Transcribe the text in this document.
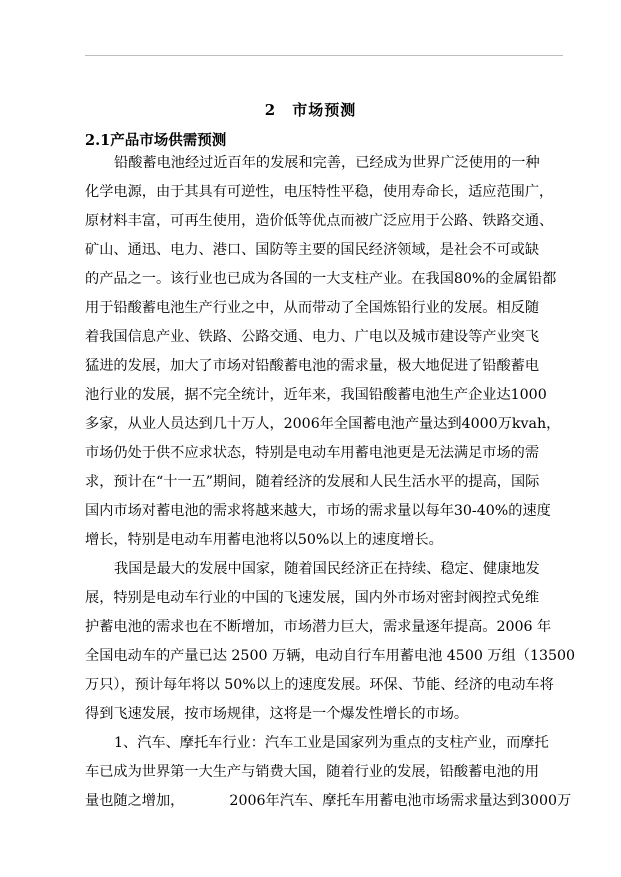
2　市场预测
2.1产品市场供需预测
铅酸蓄电池经过近百年的发展和完善，已经成为世界广泛使用的一种
化学电源，由于其具有可逆性，电压特性平稳，使用寿命长，适应范围广，
原材料丰富，可再生使用，造价低等优点而被广泛应用于公路、铁路交通、
矿山、通迅、电力、港口、国防等主要的国民经济领域，是社会不可或缺
的产品之一。该行业也已成为各国的一大支柱产业。在我国80%的金属铅都
用于铅酸蓄电池生产行业之中，从而带动了全国炼铅行业的发展。相反随
着我国信息产业、铁路、公路交通、电力、广电以及城市建设等产业突飞
猛进的发展，加大了市场对铅酸蓄电池的需求量，极大地促进了铅酸蓄电
池行业的发展，据不完全统计，近年来，我国铅酸蓄电池生产企业达1000
多家，从业人员达到几十万人，2006年全国蓄电池产量达到4000万kvah，
市场仍处于供不应求状态，特别是电动车用蓄电池更是无法满足市场的需
求，预计在“十一五”期间，随着经济的发展和人民生活水平的提高，国际
国内市场对蓄电池的需求将越来越大，市场的需求量以每年30-40%的速度
增长，特别是电动车用蓄电池将以50%以上的速度增长。
我国是最大的发展中国家，随着国民经济正在持续、稳定、健康地发
展，特别是电动车行业的中国的飞速发展，国内外市场对密封阀控式免维
护蓄电池的需求也在不断增加，市场潜力巨大，需求量逐年提高。2006 年
全国电动车的产量已达 2500 万辆，电动自行车用蓄电池 4500 万组（13500
万只），预计每年将以 50%以上的速度发展。环保、节能、经济的电动车将
得到飞速发展，按市场规律，这将是一个爆发性增长的市场。
1、汽车、摩托车行业：汽车工业是国家列为重点的支柱产业，而摩托
车已成为世界第一大生产与销费大国，随着行业的发展，铅酸蓄电池的用
量也随之增加，          2006年汽车、摩托车用蓄电池市场需求量达到3000万
